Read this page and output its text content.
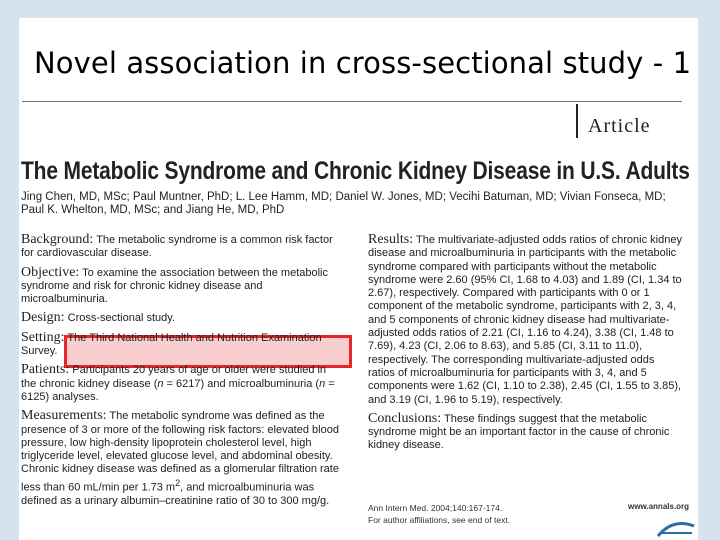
Novel association in cross-sectional study - 1
Article
The Metabolic Syndrome and Chronic Kidney Disease in U.S. Adults
Jing Chen, MD, MSc; Paul Muntner, PhD; L. Lee Hamm, MD; Daniel W. Jones, MD; Vecihi Batuman, MD; Vivian Fonseca, MD;
Paul K. Whelton, MD, MSc; and Jiang He, MD, PhD

Background: The metabolic syndrome is a common risk factor for cardiovascular disease.

Objective: To examine the association between the metabolic syndrome and risk for chronic kidney disease and microalbuminuria.

Design: Cross-sectional study.

Setting: The Third National Health and Nutrition Examination Survey.

Patients: Participants 20 years of age or older were studied in the chronic kidney disease (n = 6217) and microalbuminuria (n = 6125) analyses.

Measurements: The metabolic syndrome was defined as the presence of 3 or more of the following risk factors: elevated blood pressure, low high-density lipoprotein cholesterol level, high triglyceride level, elevated glucose level, and abdominal obesity. Chronic kidney disease was defined as a glomerular filtration rate less than 60 mL/min per 1.73 $m^2$, and microalbuminuria was defined as a urinary albumin–creatinine ratio of 30 to 300 mg/g.

Results: The multivariate-adjusted odds ratios of chronic kidney disease and microalbuminuria in participants with the metabolic syndrome compared with participants without the metabolic syndrome were 2.60 (95% CI, 1.68 to 4.03) and 1.89 (CI, 1.34 to 2.67), respectively. Compared with participants with 0 or 1 component of the metabolic syndrome, participants with 2, 3, 4, and 5 components of chronic kidney disease had multivariate-adjusted odds ratios of 2.21 (CI, 1.16 to 4.24), 3.38 (CI, 1.48 to 7.69), 4.23 (CI, 2.06 to 8.63), and 5.85 (CI, 3.11 to 11.0), respectively. The corresponding multivariate-adjusted odds ratios of microalbuminuria for participants with 3, 4, and 5 components were 1.62 (CI, 1.10 to 2.38), 2.45 (CI, 1.55 to 3.85), and 3.19 (CI, 1.96 to 5.19), respectively.

Conclusions: These findings suggest that the metabolic syndrome might be an important factor in the cause of chronic kidney disease.

Ann Intern Med. 2004;140:167-174.
For author affiliations, see end of text.
www.annals.org
